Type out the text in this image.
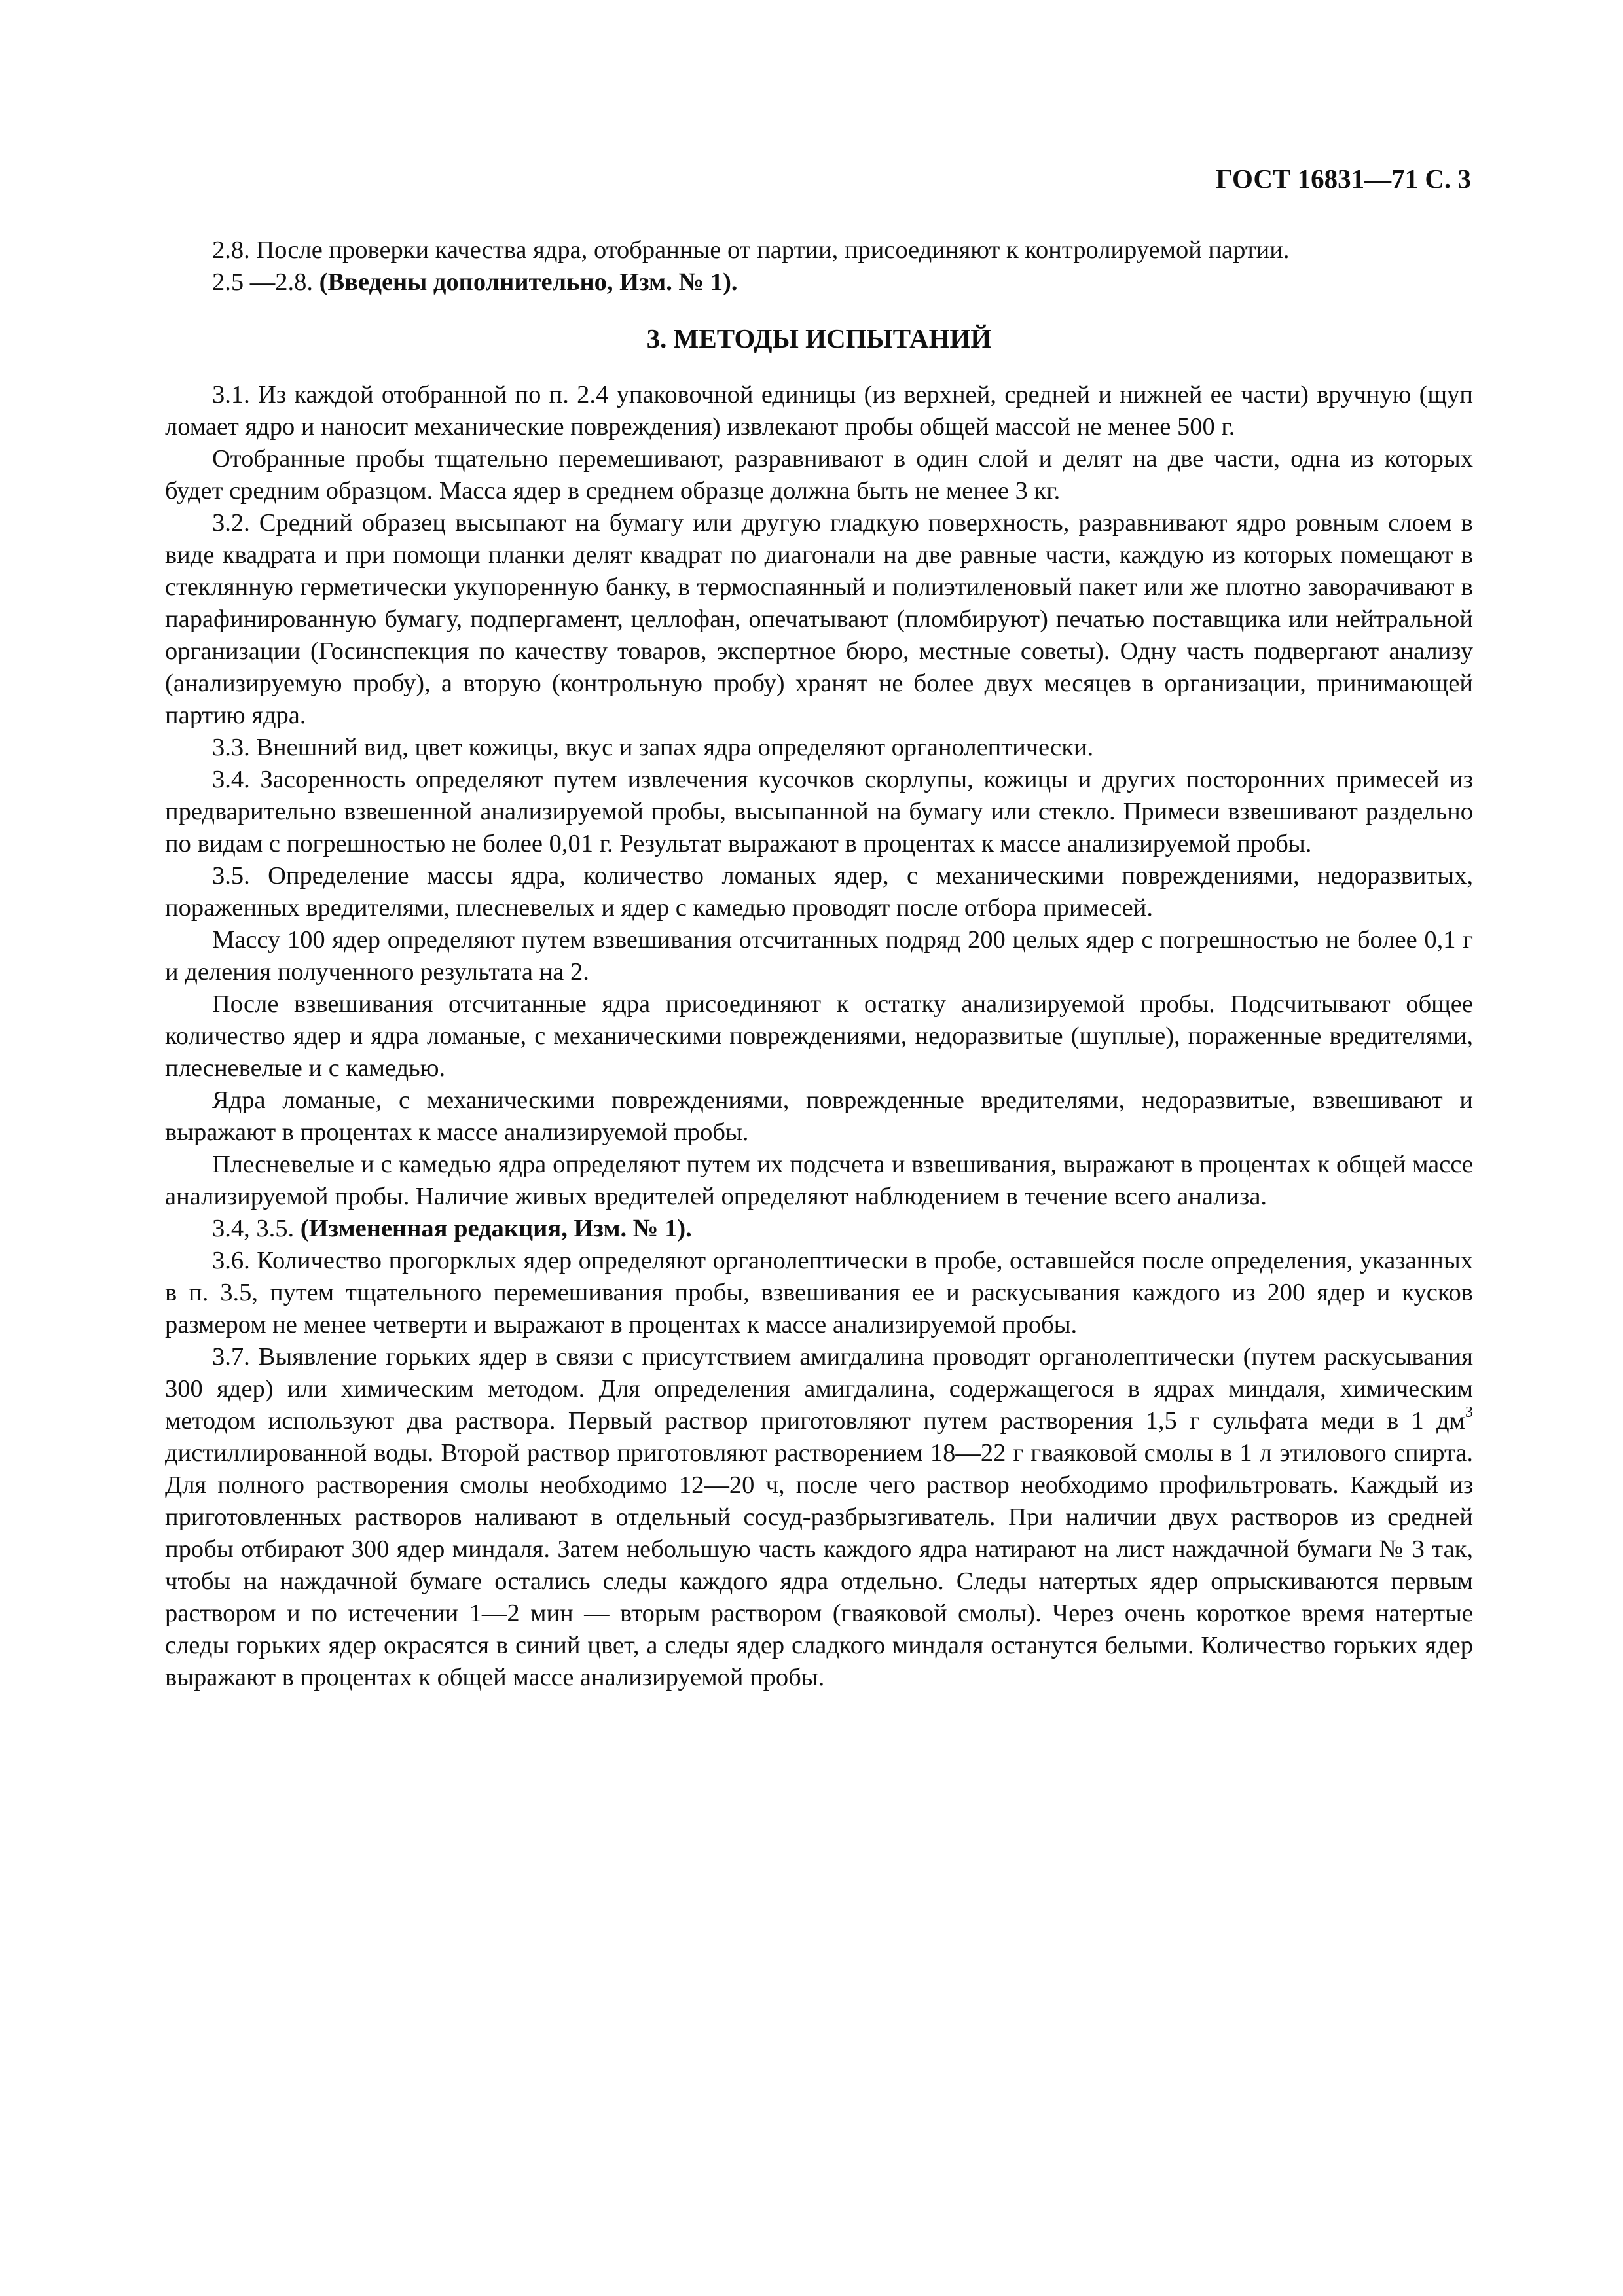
ГОСТ 16831—71 С. 3

2.8. После проверки качества ядра, отобранные от партии, присоединяют к контролируемой партии.

2.5 —2.8. (Введены дополнительно, Изм. № 1).

3. МЕТОДЫ ИСПЫТАНИЙ

3.1. Из каждой отобранной по п. 2.4 упаковочной единицы (из верхней, средней и нижней ее части) вручную (щуп ломает ядро и наносит механические повреждения) извлекают пробы общей массой не менее 500 г.

Отобранные пробы тщательно перемешивают, разравнивают в один слой и делят на две части, одна из которых будет средним образцом. Масса ядер в среднем образце должна быть не менее 3 кг.

3.2. Средний образец высыпают на бумагу или другую гладкую поверхность, разравнивают ядро ровным слоем в виде квадрата и при помощи планки делят квадрат по диагонали на две равные части, каждую из которых помещают в стеклянную герметически укупоренную банку, в термоспаянный и полиэтиленовый пакет или же плотно заворачивают в парафинированную бумагу, подпергамент, целлофан, опечатывают (пломбируют) печатью поставщика или нейтральной организации (Госинспекция по качеству товаров, экспертное бюро, местные советы). Одну часть подвергают анализу (анализируемую пробу), а вторую (контрольную пробу) хранят не более двух месяцев в организации, принимающей партию ядра.

3.3. Внешний вид, цвет кожицы, вкус и запах ядра определяют органолептически.

3.4. Засоренность определяют путем извлечения кусочков скорлупы, кожицы и других посторонних примесей из предварительно взвешенной анализируемой пробы, высыпанной на бумагу или стекло. Примеси взвешивают раздельно по видам с погрешностью не более 0,01 г. Результат выражают в процентах к массе анализируемой пробы.

3.5. Определение массы ядра, количество ломаных ядер, с механическими повреждениями, недоразвитых, пораженных вредителями, плесневелых и ядер с камедью проводят после отбора примесей.

Массу 100 ядер определяют путем взвешивания отсчитанных подряд 200 целых ядер с погрешностью не более 0,1 г и деления полученного результата на 2.

После взвешивания отсчитанные ядра присоединяют к остатку анализируемой пробы. Подсчитывают общее количество ядер и ядра ломаные, с механическими повреждениями, недоразвитые (шуплые), пораженные вредителями, плесневелые и с камедью.

Ядра ломаные, с механическими повреждениями, поврежденные вредителями, недоразвитые, взвешивают и выражают в процентах к массе анализируемой пробы.

Плесневелые и с камедью ядра определяют путем их подсчета и взвешивания, выражают в процентах к общей массе анализируемой пробы. Наличие живых вредителей определяют наблюдением в течение всего анализа.

3.4, 3.5. (Измененная редакция, Изм. № 1).

3.6. Количество прогорклых ядер определяют органолептически в пробе, оставшейся после определения, указанных в п. 3.5, путем тщательного перемешивания пробы, взвешивания ее и раскусывания каждого из 200 ядер и кусков размером не менее четверти и выражают в процентах к массе анализируемой пробы.

3.7. Выявление горьких ядер в связи с присутствием амигдалина проводят органолептически (путем раскусывания 300 ядер) или химическим методом. Для определения амигдалина, содержащегося в ядрах миндаля, химическим методом используют два раствора. Первый раствор приготовляют путем растворения 1,5 г сульфата меди в 1 $дм^3$ дистиллированной воды. Второй раствор приготовляют растворением 18—22 г гваяковой смолы в 1 л этилового спирта. Для полного растворения смолы необходимо 12—20 ч, после чего раствор необходимо профильтровать. Каждый из приготовленных растворов наливают в отдельный сосуд-разбрызгиватель. При наличии двух растворов из средней пробы отбирают 300 ядер миндаля. Затем небольшую часть каждого ядра натирают на лист наждачной бумаги № 3 так, чтобы на наждачной бумаге остались следы каждого ядра отдельно. Следы натертых ядер опрыскиваются первым раствором и по истечении 1—2 мин — вторым раствором (гваяковой смолы). Через очень короткое время натертые следы горьких ядер окрасятся в синий цвет, а следы ядер сладкого миндаля останутся белыми. Количество горьких ядер выражают в процентах к общей массе анализируемой пробы.
